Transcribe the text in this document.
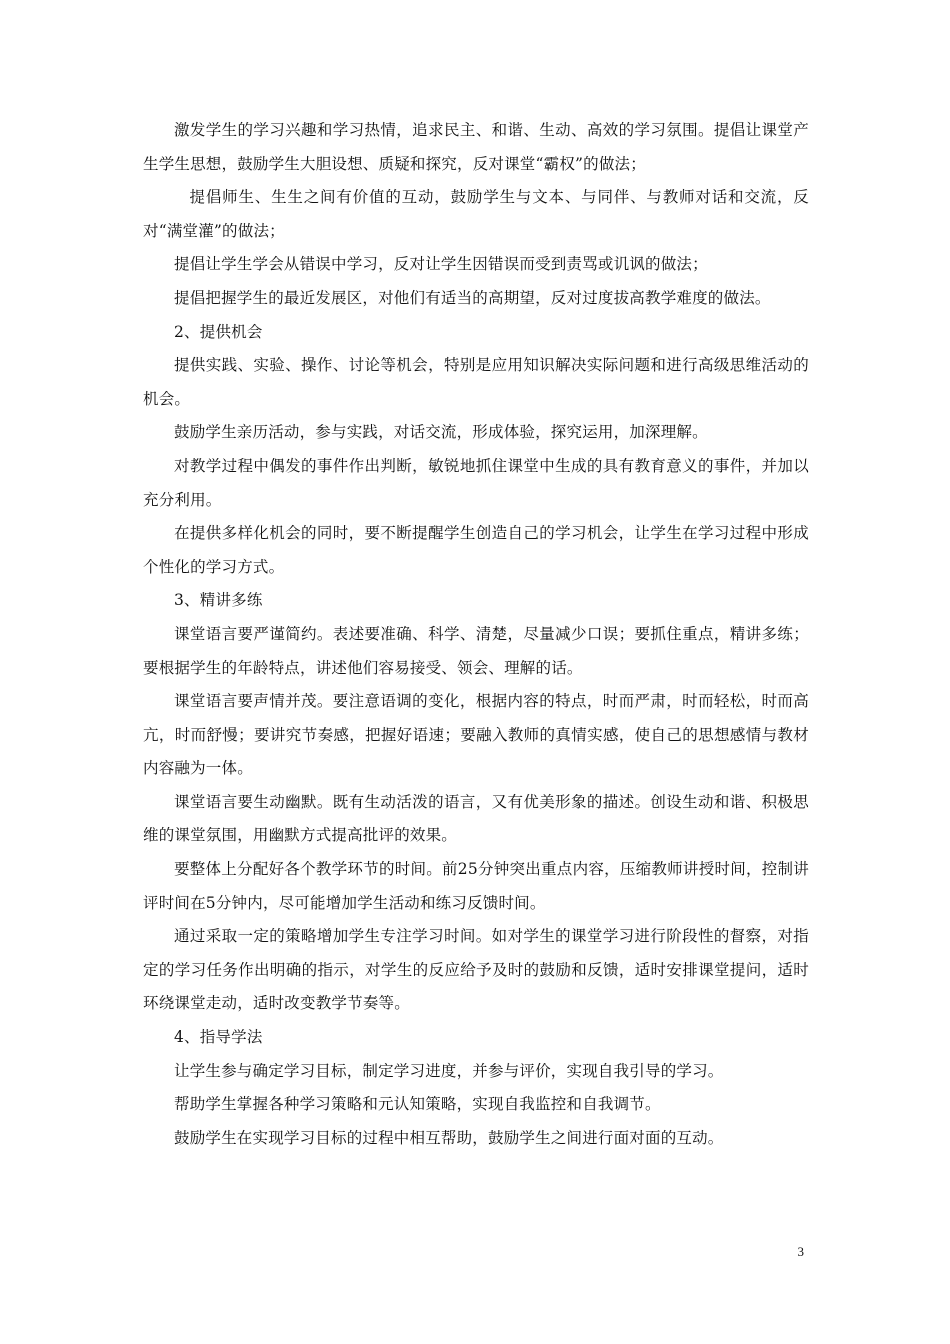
激发学生的学习兴趣和学习热情，追求民主、和谐、生动、高效的学习氛围。提倡让课堂产生学生思想，鼓励学生大胆设想、质疑和探究，反对课堂“霸权”的做法；

提倡师生、生生之间有价值的互动，鼓励学生与文本、与同伴、与教师对话和交流，反对“满堂灌”的做法；

提倡让学生学会从错误中学习，反对让学生因错误而受到责骂或讥讽的做法；

提倡把握学生的最近发展区，对他们有适当的高期望，反对过度拔高教学难度的做法。

2、提供机会

提供实践、实验、操作、讨论等机会，特别是应用知识解决实际问题和进行高级思维活动的机会。

鼓励学生亲历活动，参与实践，对话交流，形成体验，探究运用，加深理解。

对教学过程中偶发的事件作出判断，敏锐地抓住课堂中生成的具有教育意义的事件，并加以充分利用。

在提供多样化机会的同时，要不断提醒学生创造自己的学习机会，让学生在学习过程中形成个性化的学习方式。

3、精讲多练

课堂语言要严谨简约。表述要准确、科学、清楚，尽量减少口误；要抓住重点，精讲多练；要根据学生的年龄特点，讲述他们容易接受、领会、理解的话。

课堂语言要声情并茂。要注意语调的变化，根据内容的特点，时而严肃，时而轻松，时而高亢，时而舒慢；要讲究节奏感，把握好语速；要融入教师的真情实感，使自己的思想感情与教材内容融为一体。

课堂语言要生动幽默。既有生动活泼的语言，又有优美形象的描述。创设生动和谐、积极思维的课堂氛围，用幽默方式提高批评的效果。

要整体上分配好各个教学环节的时间。前25分钟突出重点内容，压缩教师讲授时间，控制讲评时间在5分钟内，尽可能增加学生活动和练习反馈时间。

通过采取一定的策略增加学生专注学习时间。如对学生的课堂学习进行阶段性的督察，对指定的学习任务作出明确的指示，对学生的反应给予及时的鼓励和反馈，适时安排课堂提问，适时环绕课堂走动，适时改变教学节奏等。

4、指导学法

让学生参与确定学习目标，制定学习进度，并参与评价，实现自我引导的学习。

帮助学生掌握各种学习策略和元认知策略，实现自我监控和自我调节。

鼓励学生在实现学习目标的过程中相互帮助，鼓励学生之间进行面对面的互动。

3
